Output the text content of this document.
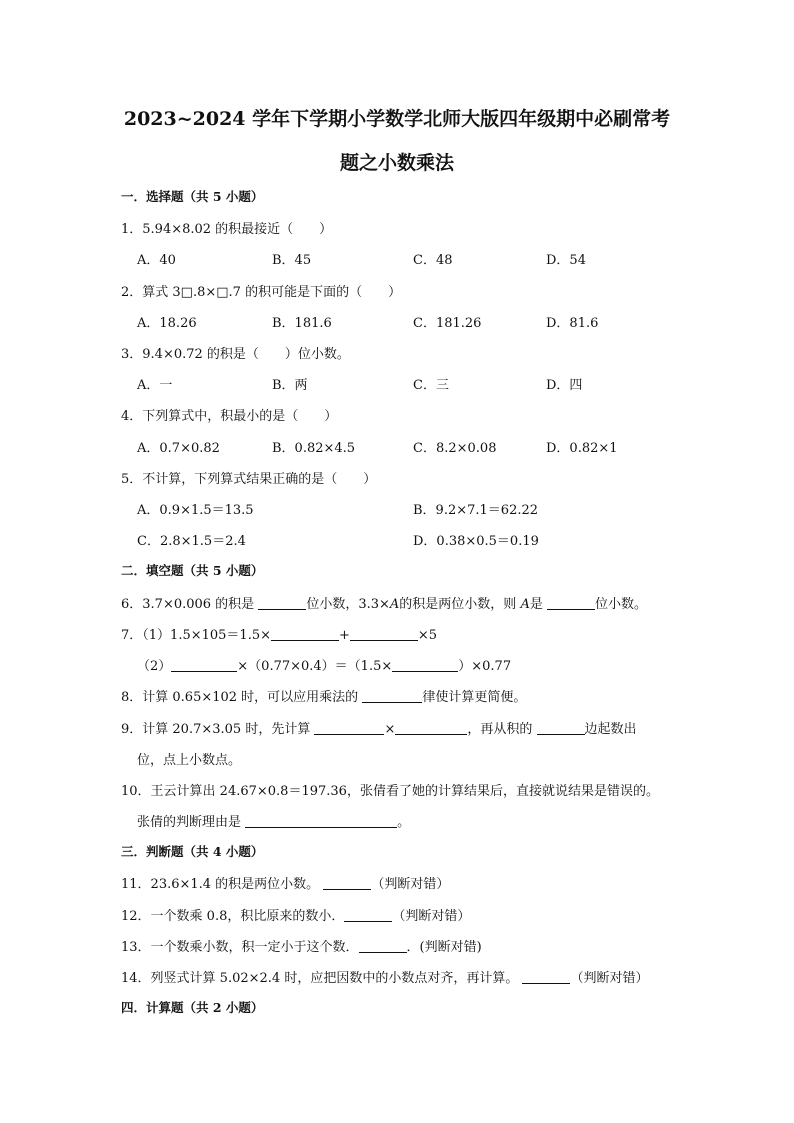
2023~2024 学年下学期小学数学北师大版四年级期中必刷常考
题之小数乘法
一．选择题（共 5 小题）
1．5.94×8.02 的积最接近（　　）
A．40	B．45	C．48	D．54
2．算式 3□.8×□.7 的积可能是下面的（　　）
A．18.26	B．181.6	C．181.26	D．81.6
3．9.4×0.72 的积是（　　）位小数。
A．一	B．两	C．三	D．四
4．下列算式中，积最小的是（　　）
A．0.7×0.82	B．0.82×4.5	C．8.2×0.08	D．0.82×1
5．不计算，下列算式结果正确的是（　　）
A．0.9×1.5＝13.5	B．9.2×7.1＝62.22
C．2.8×1.5＝2.4	D．0.38×0.5＝0.19
二．填空题（共 5 小题）
6．3.7×0.006 的积是	位小数，3.3×A的积是两位小数，则 A是	位小数。
7．（1）1.5×105＝1.5×	+	×5
（2）	×（0.77×0.4）＝（1.5×	）×0.77
8．计算 0.65×102 时，可以应用乘法的	律使计算更简便。
9．计算 20.7×3.05 时，先计算	×	，再从积的	边起数出
位，点上小数点。
10．王云计算出 24.67×0.8＝197.36，张倩看了她的计算结果后，直接就说结果是错误的。
张倩的判断理由是	。
三．判断题（共 4 小题）
11．23.6×1.4 的积是两位小数。	（判断对错）
12．一个数乘 0.8，积比原来的数小．	（判断对错）
13．一个数乘小数，积一定小于这个数．	．(判断对错)
14．列竖式计算 5.02×2.4 时，应把因数中的小数点对齐，再计算。	（判断对错）
四．计算题（共 2 小题）
